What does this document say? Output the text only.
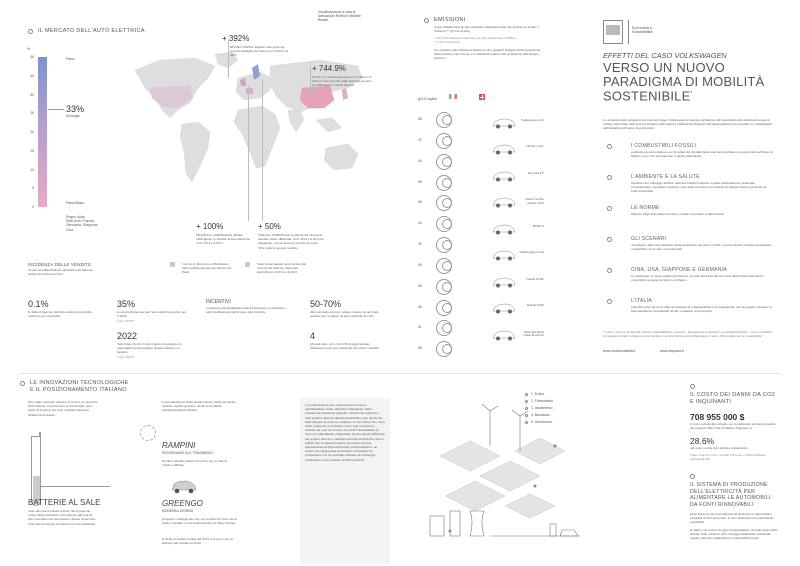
Visualizzazione a cura di
Alessandro Ruffini e Michele Biscari
IL MERCATO DELL'AUTO ELETTRICA
%
Paesi
40
35
30
25
20
15
10
5
0
33%
Norvegia
Paesi Bassi
Regno Unito
Stati Uniti, Francia,
Germania, Giappone,
Cina
+ 392%
REGNO UNITO. Registra una notevole crescita mediante del settore tra il 2014 e il 2015
+ 744.9%
CINA. La crescita del settore tra il 2014 e il 2015, è stata favorita dagli aiuti del governo per diffondere i veicoli elettrici
+ 100%
FRANCIA e GERMANIA. Hanno raddoppiato le vendite di auto elettriche tra il 2014 e il 2015
+ 50%
ITALIA e NORVEGIA. Il parlare dei rilevatori assoluto molto differenti, tra il 2014 e il 2015 ha aumentato, con un tasso di crescita circa del 50% totale le proprie vendite
INCIDENZA DELLE VENDITE
di auto ad alimentazione alternativa sul mercato interno dei Paesi nel 2015
I colori si riferiscono all'incidenza delle vendite sul mercato interno dei Paesi
Tutte le percentuali sono riferite alla crescita del mercato delle auto elettriche tra il 2014 e il 2015
0.1%
In Italia il mercato dell'auto elettrica in termini relativi è poco rilevante
35%
La quota di mercato per l'auto elettrica prevista per il 2040
fonte: BNEF
2022
Sarà l'anno in cui ci sarà il punto di pareggio tra opportunità nell'acquistare un'auto elettrica e a benzina
fonte: BNEF
INCENTIVI
consistono principalmente nelle facilitazioni economiche e nella facilitazione nell'accesso alle ricariche
50-70%
dei costi delle auto per vettura coperto da un fondo perduto per l'acquisto di auto elettriche in Cina
4
gli anni entro cui a Oslo (Norvegia) saranno ammesse le sole auto elettriche nel centro cittadino
EMISSIONI
di gas climalteranti di auto elettriche alimentate dalla rete elettrica in Italia* e Svizzera** (gCO2 eq/km)
* 2015 Informazioni sulla base dei dati Sinthessina e ISPRA
** 2015 Ecoinvent
Ai consumi e alle emissioni fisiche si sono aggiunti l'impatto della produzione delle batterie e dei veicoli, e le emissioni relative alla produzione dell'energia elettrica.
gCO2 eq/km
48
47
44
55
50
44
42
49
48
46
51
58
Volkswagen e-Up
Citroën c-zero
Kia Soul EV
Smart ForTwo electric drive
BMW i3
Volkswagen e-Golf
Nissan LEAF
Renault ZOE
Mercedes Benz classe B electric
Economia e Sostenibilità
EFFETTI DEL CASO VOLKSWAGEN
VERSO UN NUOVO PARADIGMA DI MOBILITÀ SOSTENIBILE*
Lo scandalo delle emissioni truccate del gruppo Volkswagen si inserisce all'interno del mutamento del sistema dei trasporti urbani, sollevando temi sociali (l'impatto sulla salute), ambientali (l'impatto sull'inquinamento) ed economici (i cambiamenti nell'industria dell'auto). In particolare:
I COMBUSTIBILI FOSSILI
sostituito un ruolo dannoso per la salute dei cittadini nelle aree metropolitane e in particolare nell'area di Milano (con costi ben superiori a quelli ambientali)
L'AMBIENTE E LA SALUTE
risentono del vantaggio nell'uso dell'auto elettrica rispetto a quelle alimentate da carburante convenzionale, soprattutto tenendo conto della crescente percentuale di energia elettrica prodotta da fonti rinnovabili
LE NORME
imposte dagli Stati hanno favorito e stanno favorendo le innovazioni
GLI SCENARI
di sviluppo delle auto elettriche fanno ipotizzare che entro il 2022 i veicoli elettrici saranno pienamente competitivi con le auto convenzionali
CINA, USA, GIAPPONE E GERMANIA
si contendono la quasi totalità del mercato, si tratta dei Paesi che nei corsi degli ultimi anni hanno consolidato le spese in ricerca e sviluppo
L'ITALIA
potrebbe avere un ruolo nella produzione di componentistica di avanguardia, con un esperto orientato ai beni intermedi e strumentali ad alto contenuto di tecnologia
* tratto e cura di Andrea Di Stefano e Massimiliano Lanzetti · intersezione economica e sostenibilità (IES) · con il contributo di Gianluca Cirani, Gianluca Galli, Stefano Larcardi (Università di Bergamo), Centro d'Economia per la Sostenibilità
www.ecostoniabilita.it	www.iesspace.it
LE INNOVAZIONI TECNOLOGICHE E IL POSIZIONAMENTO ITALIANO
Nel campo dell'auto elettrica la ricerca si concentra sulle batterie, in particolare su autonomia, peso, tempi di ricarica, sui costi e miglioramenti in termini di sicurezza
BATTERIE AL SALE
Sono una ricerca made in Italy che si propone come valida alternativa alle batterie agli ioni di litio. Garantiscono autonomia e durata di servizio. Sono una novità per le batterie per auto elettriche.
La produzione in Italia di autovetture elettriche mostra qualche segnale positivo, anche se in ambiti quantitativamente limitati
RAMPINI
PASSIGNANO SUL TRASIMENO
Produce autobus elettrici da 6 m e per la città di Torino e Milano
GREENGO
MODENA-LIVORNO
Progetta e sviluppa una city car prodotta in Cina che in Italia è venduta a Icon International Car Show Fornero
Il 2016, nel primo 6 mesi del 2015, è stata la city car elettrica più venduta in Italia
La polarizzazione che caratterizzerà il settore nell'immediato futuro riflettere l'andamento della produzione industriale generale. I Paesi che registrano tassi positivi della produzione industriale sono quelli che intervengono in ricerca e sviluppo. Il caso della Cina, Stati Uniti, Giappone e Germania sono i soli a registrare risultati nei tassi di crescita, nei quali l'investimento in ricerca è ampiamente compensato da una rapida diffusione nel proprio mercato e nell'esportazione di modelli a nuovi regimi. Per le aziende italiane si possono rilevare specializzazioni importanti nella componentistica, un settore che rappresenta un modello consolidato di competenze e di cui potrebbe sfruttare un vantaggio competitivo in un contesto di filiere globali.
1. Eolico
2. Fotovoltaico
3. Idroelettrico
4. Biomasse
5. Geotermico
IL COSTO DEI DANNI DA CO2 E INQUINANTI
708 955 000 $
il costo sociale del carbonio, per le emissioni dovute al sistema dei trasporti della città di Milano. Espresso al
28.6%
del costo sociale del carbonio complessivo
fonte: Calcolo Costo Sociale Carbonio e Stima Indiretta (Alessandroni)
IL SISTEMA DI PRODUZIONE DELL'ELETTRICITÀ PER ALIMENTARE LE AUTOMOBILI DA FONTI RINNOVABILI
In un Paese in cui la produzione di elettricità si rinnovabili è prossima al 30% del totale, le auto elettriche sono pienamente sostenibili
In Italia, con il tasso di approvvigionamento da fonti rinnovabili attuale, l'auto elettrica offre vantaggi ambientali consistenti rispetto alle auto alimentate da combustibili fossili
